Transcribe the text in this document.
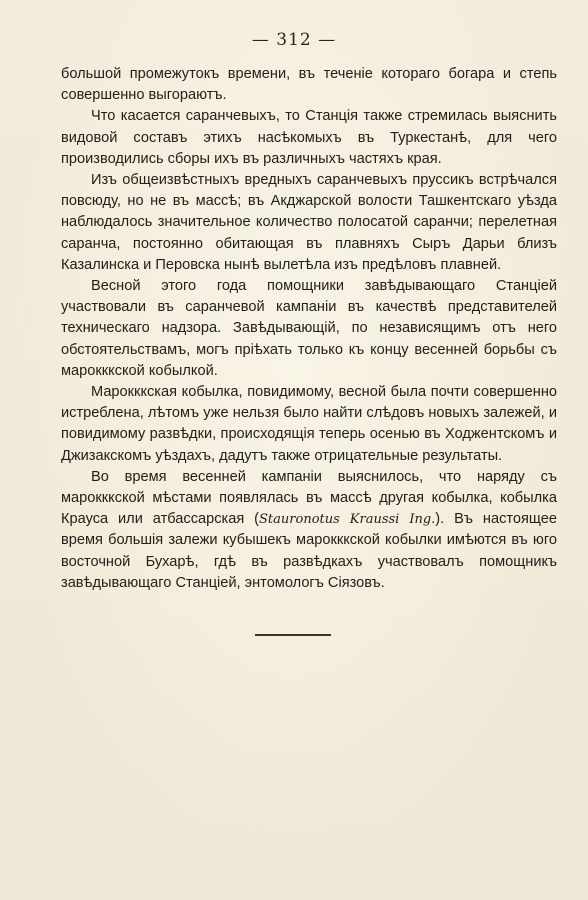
— 312 —

большой промежутокъ времени, въ теченіе которагo богара и степь совершенно выгораютъ.

Что касается саранчевыхъ, то Станція также стремилась выяснить видовой составъ этихъ насѣкомыхъ въ Туркестанѣ, для чего производились сборы ихъ въ различныхъ частяхъ края.

Изъ общеизвѣстныхъ вредныхъ саранчевыхъ пруссикъ встрѣчался повсюду, но не въ массѣ; въ Акджарской волости Ташкентскаго уѣзда наблюдалось значительное количество полосатой саранчи; перелетная саранча, постоянно обитающая въ плавняхъ Сыръ Дарьи близъ Казалинска и Перовска нынѣ вылетѣла изъ предѣловъ плавней.

Весной этого года помощники завѣдывающаго Станціей участвовали въ саранчевой кампаніи въ качествѣ представителей техническаго надзора. Завѣдывающій, по независящимъ отъ него обстоятельствамъ, могъ пріѣхать только къ концу весенней борьбы съ марокккской кобылкой.

Марокккская кобылка, повидимому, весной была почти совершенно истреблена, лѣтомъ уже нельзя было найти слѣдовъ новыхъ залежей, и повидимому развѣдки, происходящія теперь осенью въ Ходжентскомъ и Джизакскомъ уѣздахъ, дадутъ также отрицательные результаты.

Во время весенней кампаніи выяснилось, что наряду съ марокккской мѣстами появлялась въ массѣ другая кобылка, кобылка Крауса или атбассарская (Stauronotus Kraussi Ing.). Въ настоящее время большія залежи кубышекъ марокккской кобылки имѣются въ юго восточной Бухарѣ, гдѣ въ развѣдкахъ участвовалъ помощникъ завѣдывающаго Станціей, энтомологъ Сіязовъ.
